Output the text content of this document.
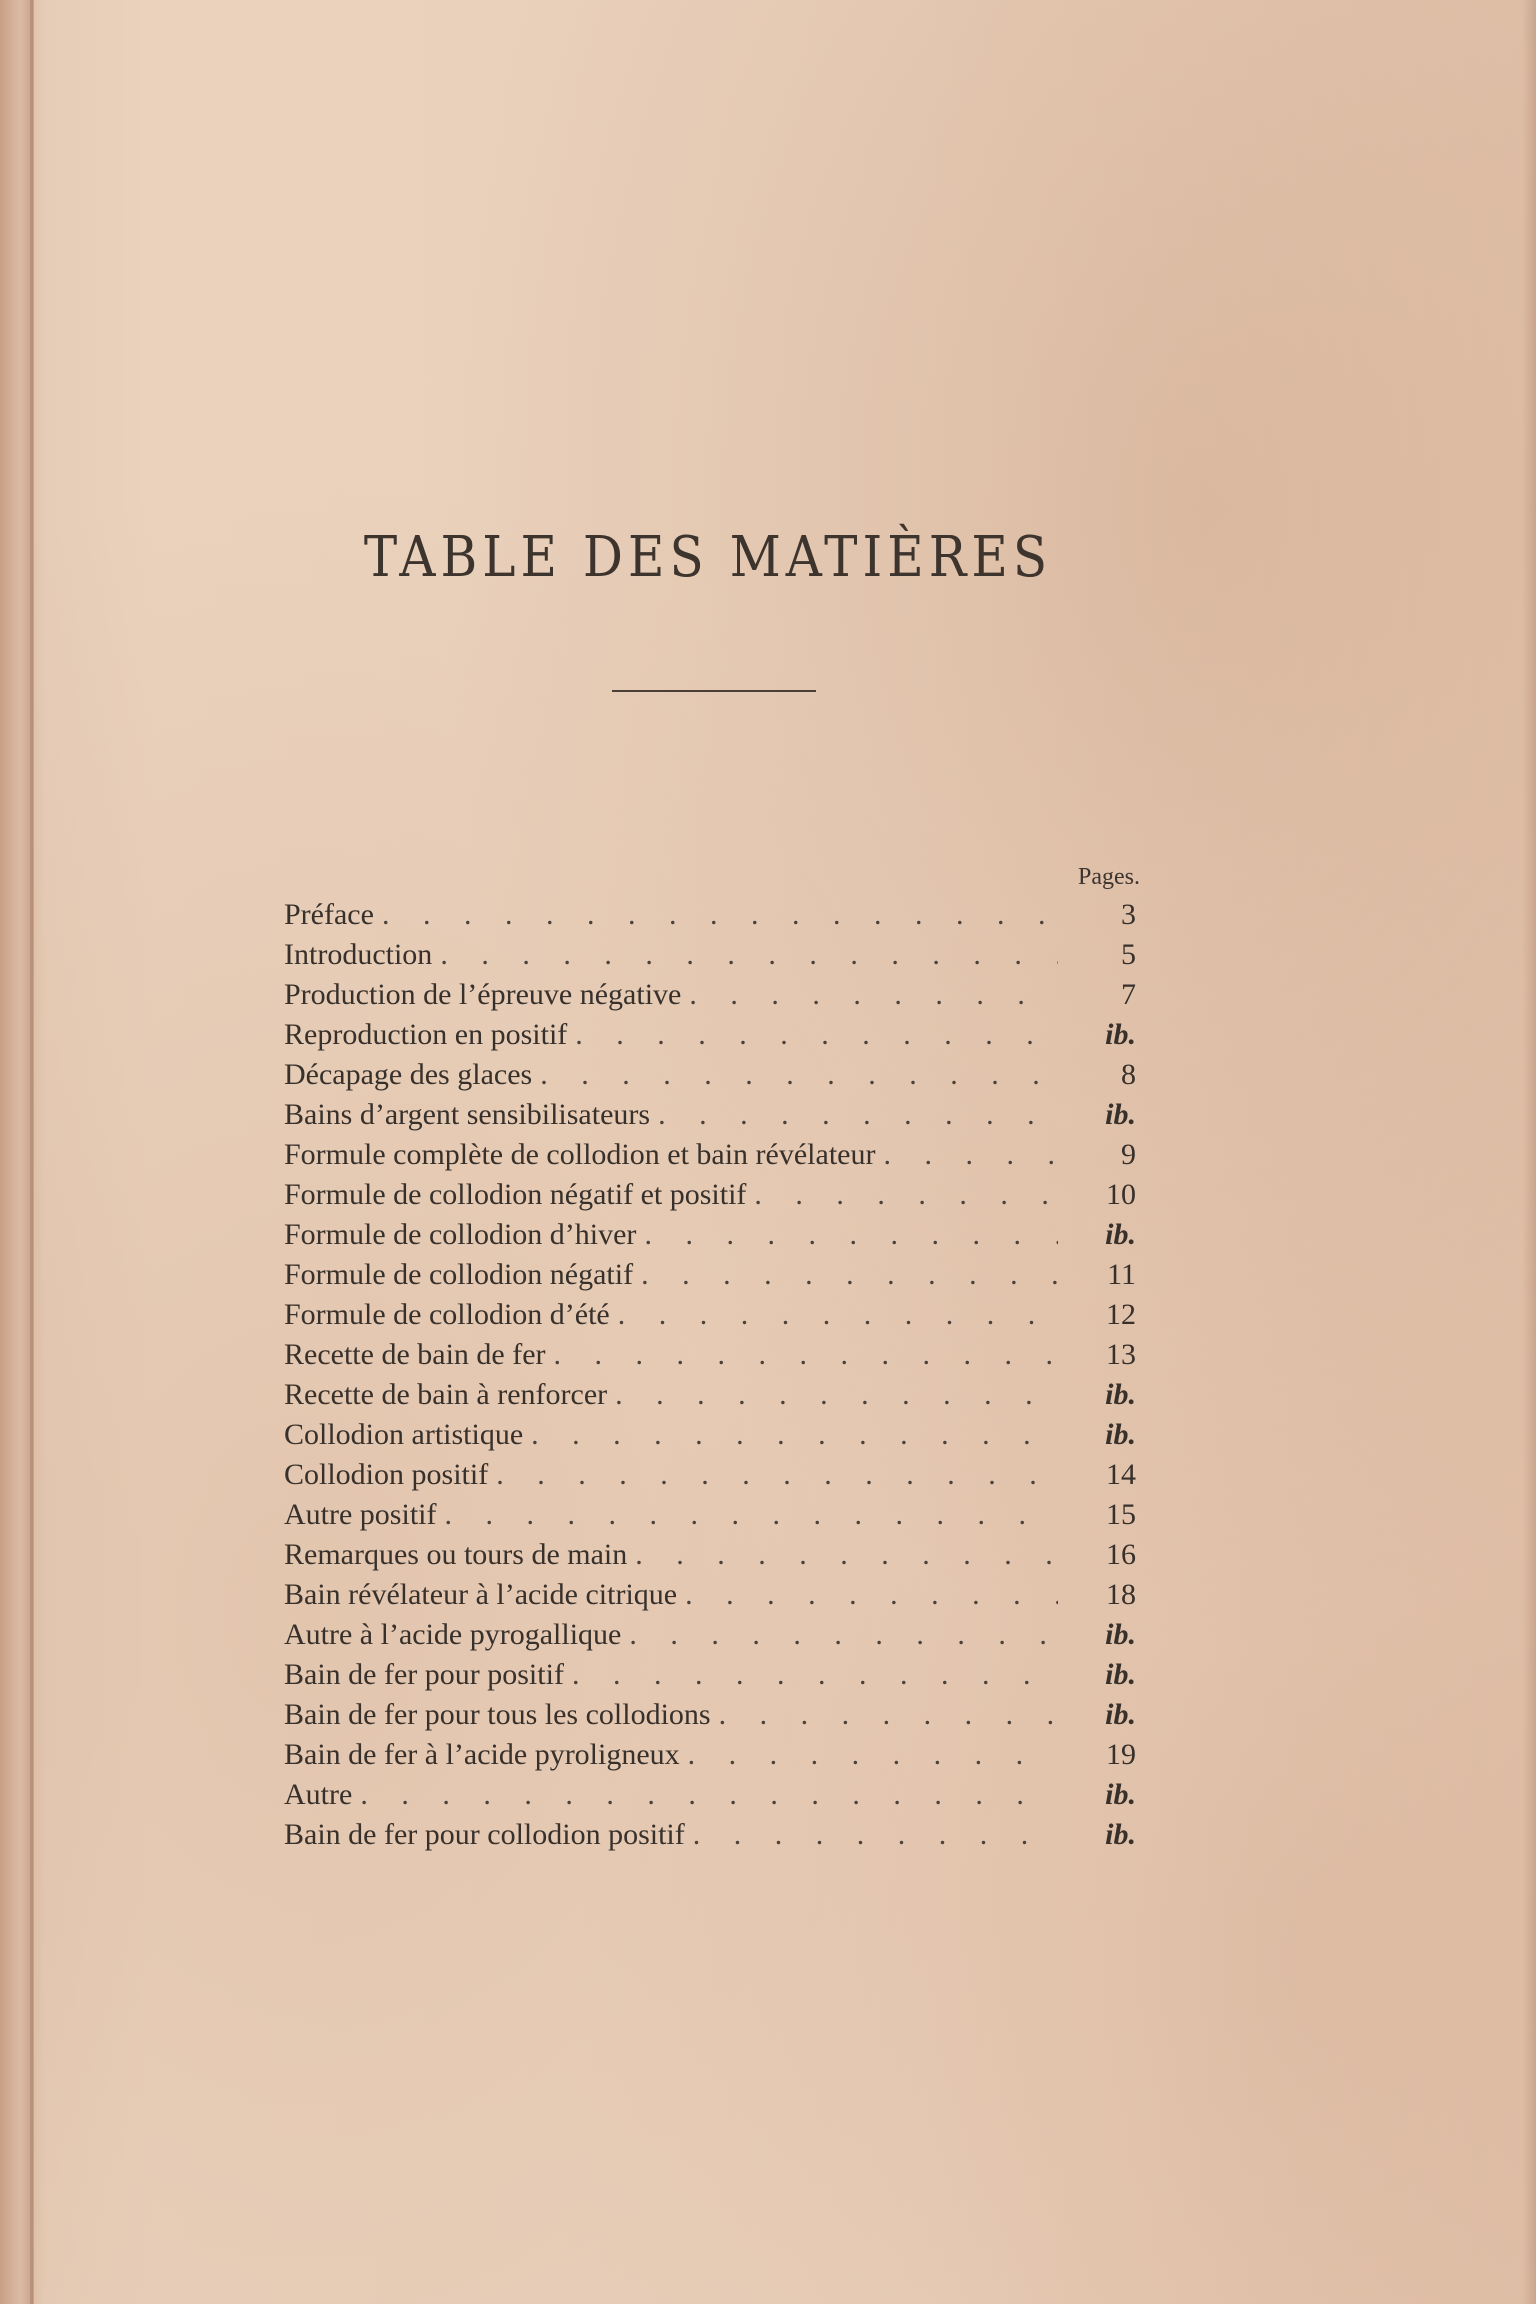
TABLE DES MATIÈRES
Pages.
Préface . . .	3
Introduction . . .	5
Production de l’épreuve négative . . .	7
Reproduction en positif . . .	ib.
Décapage des glaces . . .	8
Bains d’argent sensibilisateurs . . .	ib.
Formule complète de collodion et bain révélateur . . .	9
Formule de collodion négatif et positif . . .	10
Formule de collodion d’hiver . . .	ib.
Formule de collodion négatif . . .	11
Formule de collodion d’été . . .	12
Recette de bain de fer . . .	13
Recette de bain à renforcer . . .	ib.
Collodion artistique . . .	ib.
Collodion positif . . .	14
Autre positif . . .	15
Remarques ou tours de main . . .	16
Bain révélateur à l’acide citrique . . .	18
Autre à l’acide pyrogallique . . .	ib.
Bain de fer pour positif . . .	ib.
Bain de fer pour tous les collodions . . .	ib.
Bain de fer à l’acide pyroligneux . . .	19
Autre . . .	ib.
Bain de fer pour collodion positif . . .	ib.
